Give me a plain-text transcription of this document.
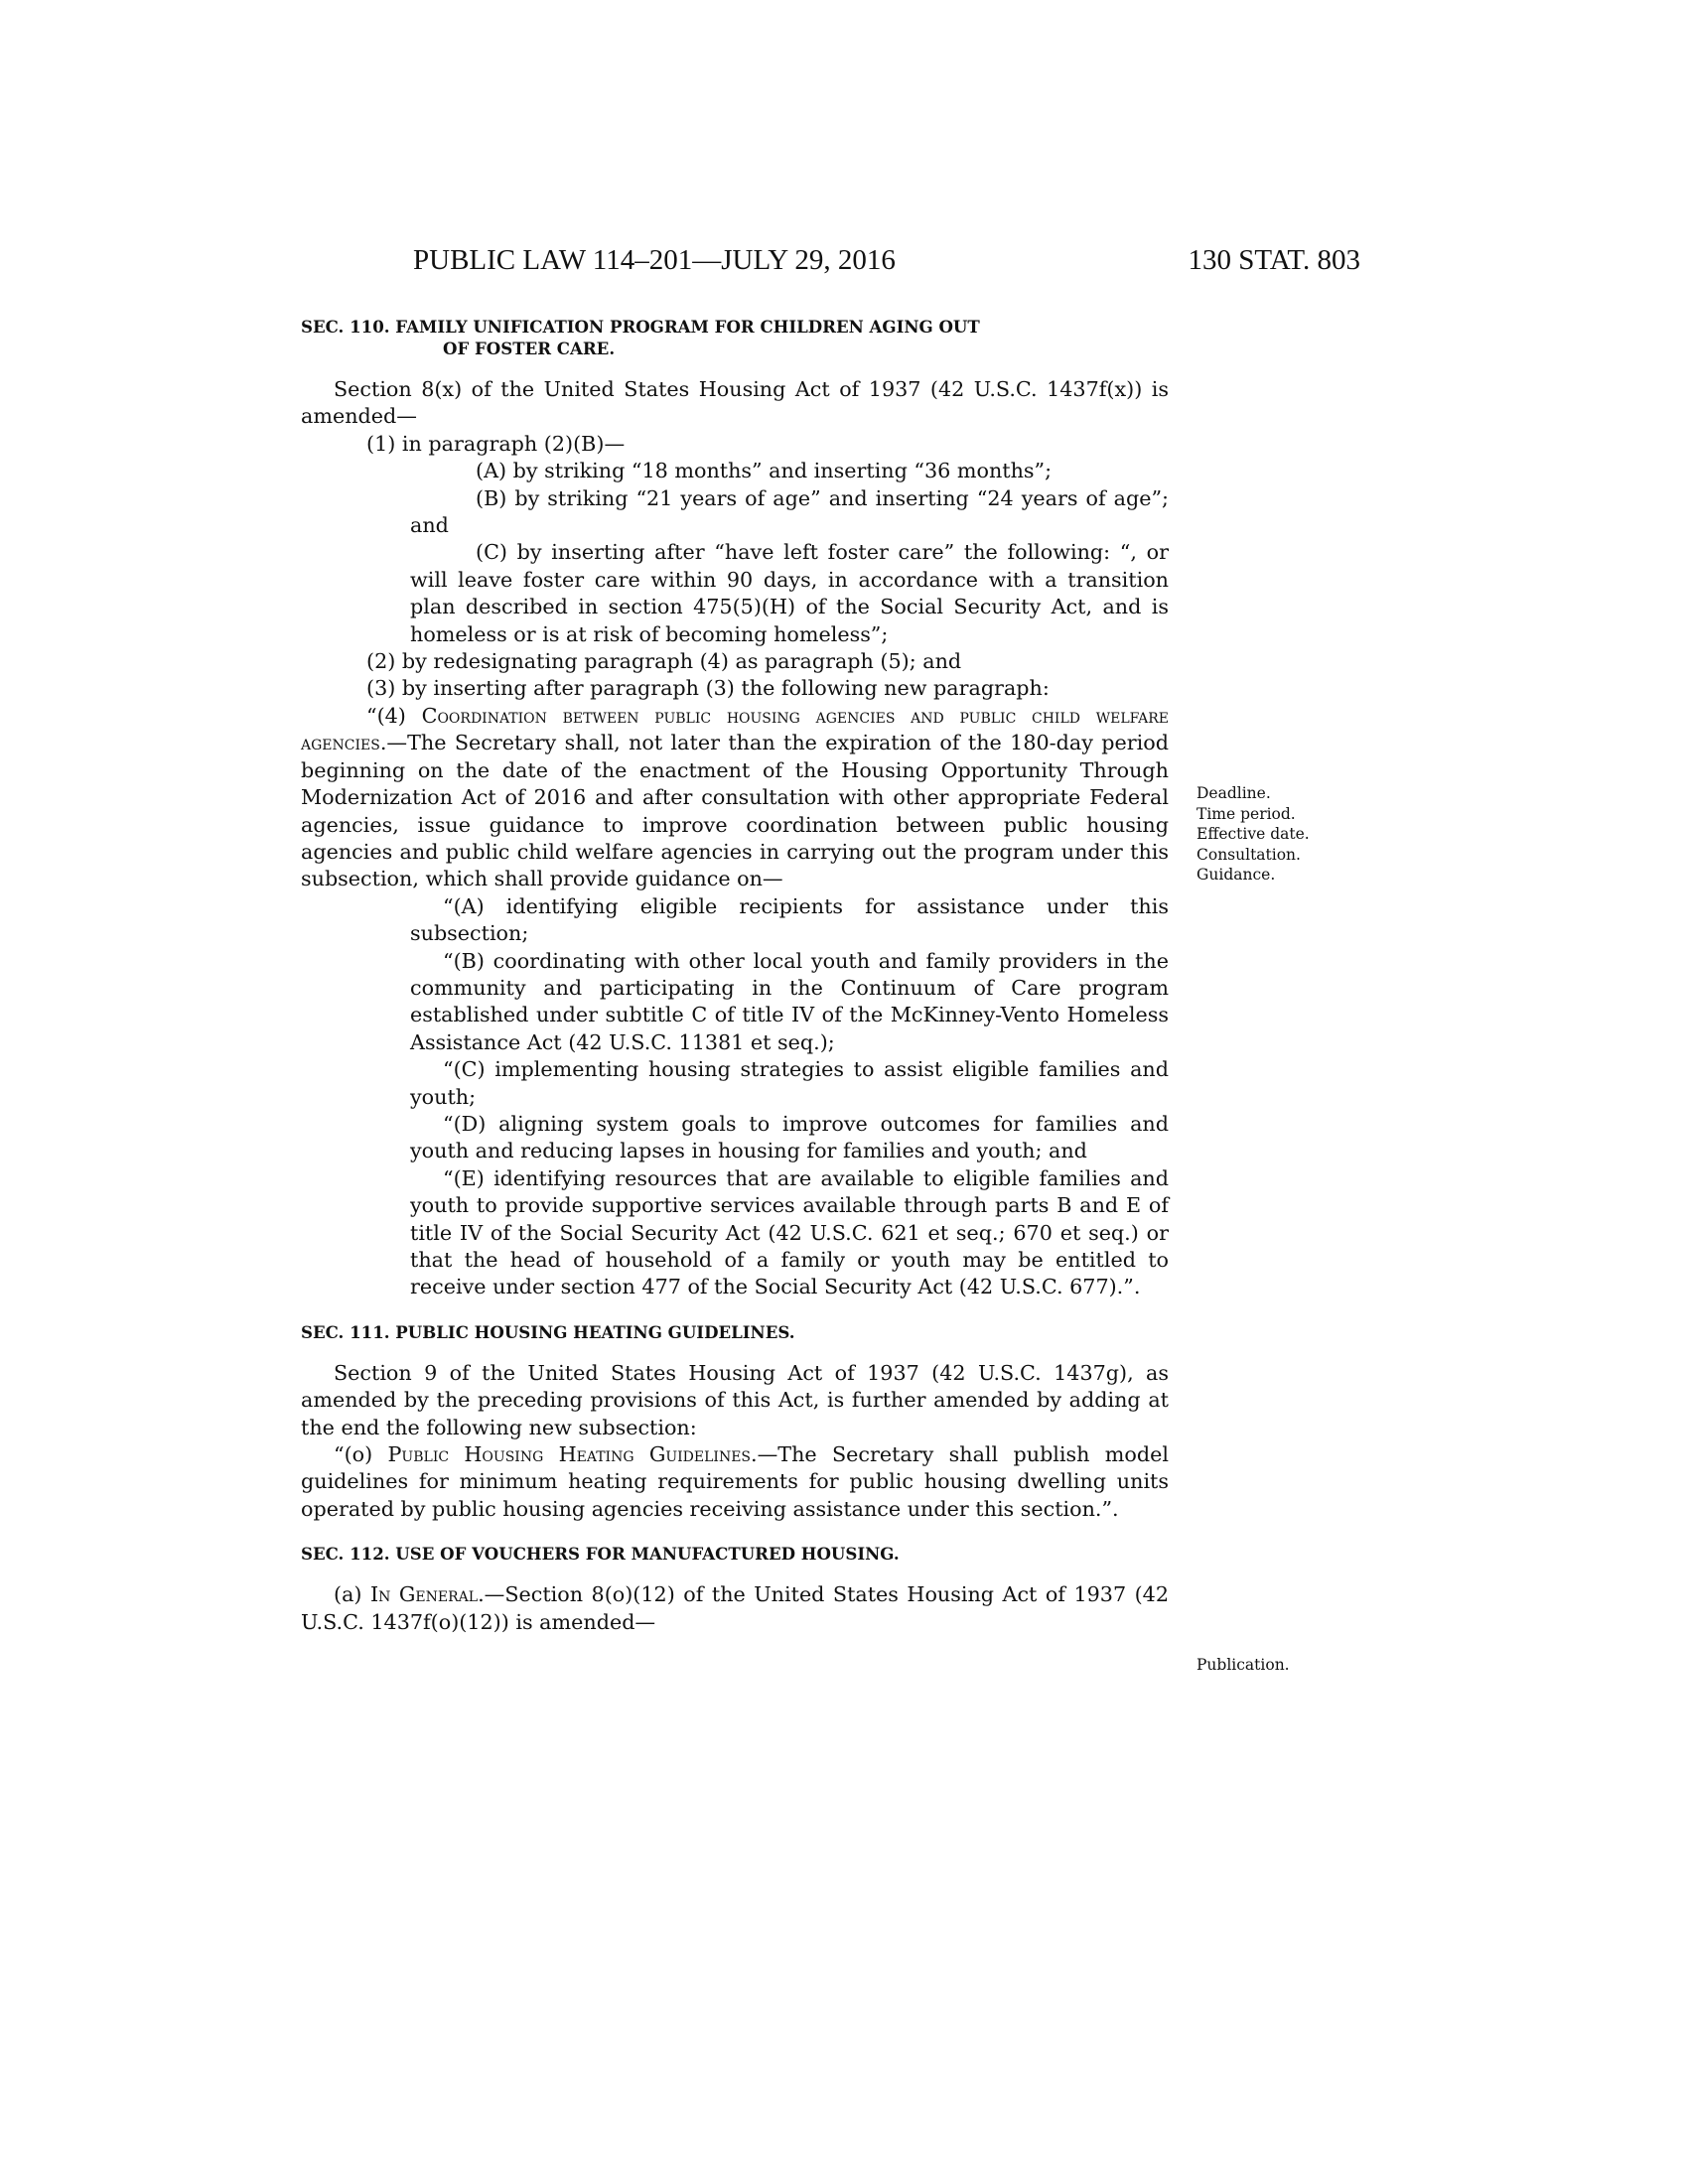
PUBLIC LAW 114–201—JULY 29, 2016	130 STAT. 803

SEC. 110. FAMILY UNIFICATION PROGRAM FOR CHILDREN AGING OUT
OF FOSTER CARE.

Section 8(x) of the United States Housing Act of 1937 (42 U.S.C. 1437f(x)) is amended—

(1) in paragraph (2)(B)—

(A) by striking “18 months” and inserting “36 months”;

(B) by striking “21 years of age” and inserting “24 years of age”; and

(C) by inserting after “have left foster care” the following: “, or will leave foster care within 90 days, in accordance with a transition plan described in section 475(5)(H) of the Social Security Act, and is homeless or is at risk of becoming homeless”;

(2) by redesignating paragraph (4) as paragraph (5); and

(3) by inserting after paragraph (3) the following new paragraph:

“(4) Coordination between public housing agencies and public child welfare agencies.—The Secretary shall, not later than the expiration of the 180-day period beginning on the date of the enactment of the Housing Opportunity Through Modernization Act of 2016 and after consultation with other appropriate Federal agencies, issue guidance to improve coordination between public housing agencies and public child welfare agencies in carrying out the program under this subsection, which shall provide guidance on—

“(A) identifying eligible recipients for assistance under this subsection;

“(B) coordinating with other local youth and family providers in the community and participating in the Continuum of Care program established under subtitle C of title IV of the McKinney-Vento Homeless Assistance Act (42 U.S.C. 11381 et seq.);

“(C) implementing housing strategies to assist eligible families and youth;

“(D) aligning system goals to improve outcomes for families and youth and reducing lapses in housing for families and youth; and

“(E) identifying resources that are available to eligible families and youth to provide supportive services available through parts B and E of title IV of the Social Security Act (42 U.S.C. 621 et seq.; 670 et seq.) or that the head of household of a family or youth may be entitled to receive under section 477 of the Social Security Act (42 U.S.C. 677).”.

SEC. 111. PUBLIC HOUSING HEATING GUIDELINES.

Section 9 of the United States Housing Act of 1937 (42 U.S.C. 1437g), as amended by the preceding provisions of this Act, is further amended by adding at the end the following new subsection:

“(o) Public Housing Heating Guidelines.—The Secretary shall publish model guidelines for minimum heating requirements for public housing dwelling units operated by public housing agencies receiving assistance under this section.”.

SEC. 112. USE OF VOUCHERS FOR MANUFACTURED HOUSING.

(a) In General.—Section 8(o)(12) of the United States Housing Act of 1937 (42 U.S.C. 1437f(o)(12)) is amended—

Deadline.
Time period.
Effective date.
Consultation.
Guidance.
Publication.
